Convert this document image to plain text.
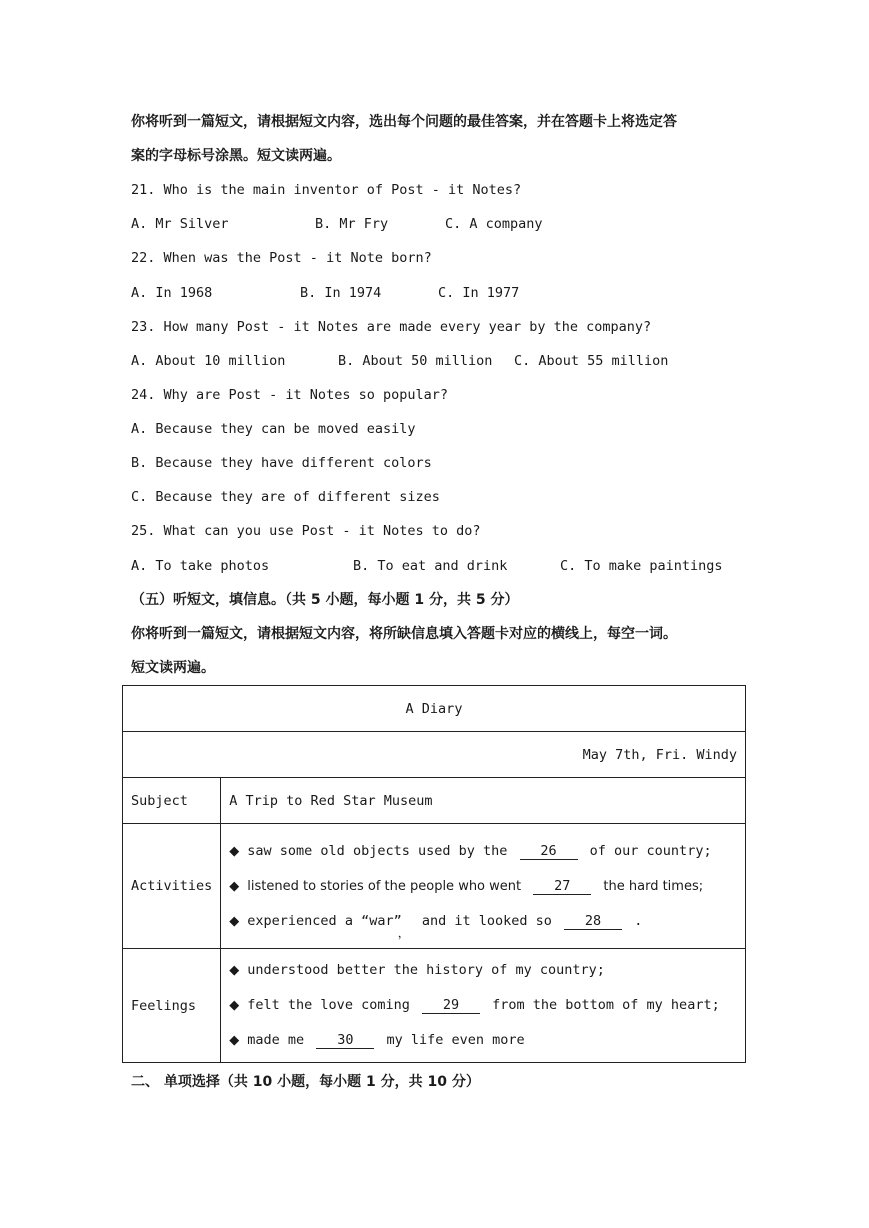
你将听到一篇短文，请根据短文内容，选出每个问题的最佳答案，并在答题卡上将选定答
案的字母标号涂黑。短文读两遍。
21. Who is the main inventor of Post - it Notes?
A. Mr Silver	B. Mr Fry	C. A company
22. When was the Post - it Note born?
A. In 1968	B. In 1974	C. In 1977
23. How many Post - it Notes are made every year by the company?
A. About 10 million	B. About 50 million C. About 55 million
24. Why are Post - it Notes so popular?
A. Because they can be moved easily
B. Because they have different colors
C. Because they are of different sizes
25. What can you use Post - it Notes to do?
A. To take photos	B. To eat and drink	C. To make paintings
（五）听短文，填信息。（共 5 小题，每小题 1 分，共 5 分）
你将听到一篇短文，请根据短文内容，将所缺信息填入答题卡对应的横线上，每空一词。
短文读两遍。
A Diary	
May 7th, Fri. Windy	
Subject	A Trip to Red Star Museum
Activities	◆ saw some old objects used by the 26 of our country;
◆ listened to stories of the people who went 27 the hard times;
◆ experienced a “war”， and it looked so 28 .

Feelings	◆ understood better the history of my country;
◆ felt the love coming 29 from the bottom of my heart;
◆ made me 30 my life even more
二、 单项选择（共 10 小题，每小题 1 分，共 10 分）
